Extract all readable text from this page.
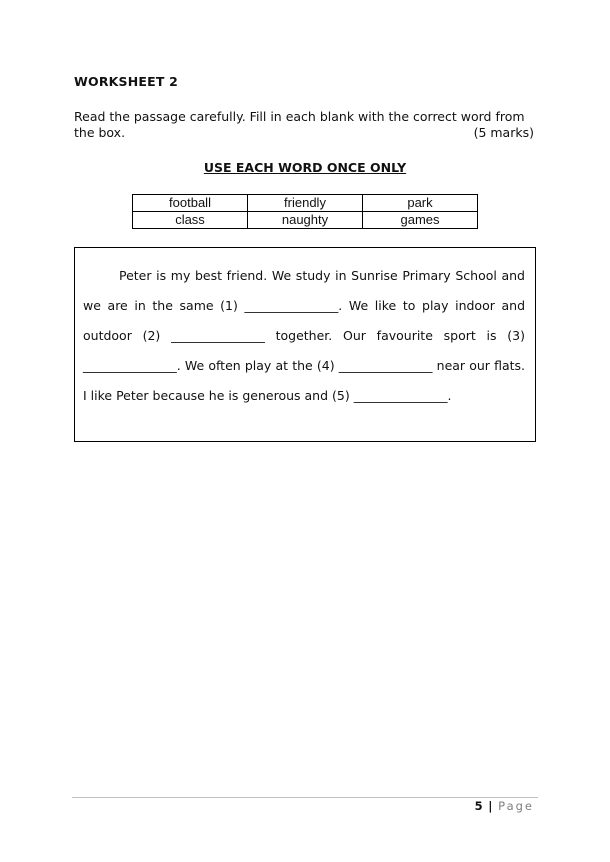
WORKSHEET 2
Read the passage carefully. Fill in each blank with the correct word from
the box.	(5 marks)
USE EACH WORD ONCE ONLY
football	friendly	park
class	naughty	games

Peter is my best friend. We study in Sunrise Primary School and we are in the same (1) _______________. We like to play indoor and outdoor (2) _______________ together. Our favourite sport is (3) _______________. We often play at the (4) _______________ near our flats. I like Peter because he is generous and (5) _______________.

5 | Page
